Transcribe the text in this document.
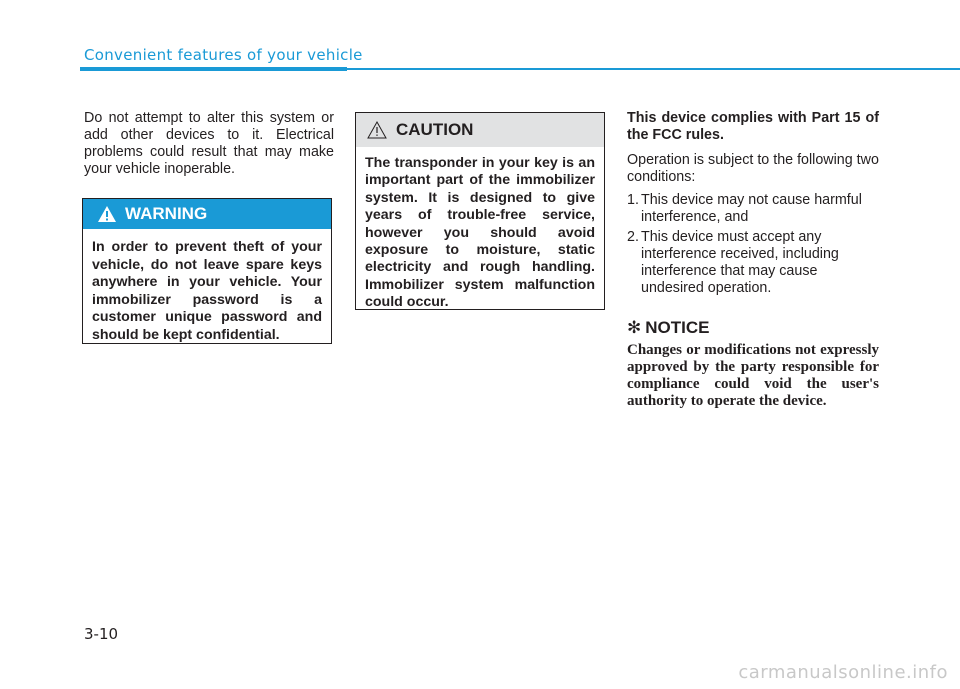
Convenient features of your vehicle
Do not attempt to alter this system or add other devices to it. Electrical problems could result that may make your vehicle inoperable.
WARNING
In order to prevent theft of your vehicle, do not leave spare keys anywhere in your vehicle. Your immobilizer password is a customer unique password and should be kept confidential.
CAUTION
The transponder in your key is an important part of the immobilizer system. It is designed to give years of trouble-free service, however you should avoid exposure to moisture, static electricity and rough handling. Immobilizer system malfunction could occur.

This device complies with Part 15 of the FCC rules.

Operation is subject to the following two conditions:

1. This device may not cause harmful interference, and
2. This device must accept any interference received, including interference that may cause undesired operation.
✻ NOTICE
Changes or modifications not expressly approved by the party responsible for compliance could void the user's authority to operate the device.
3-10
carmanualsonline.info
